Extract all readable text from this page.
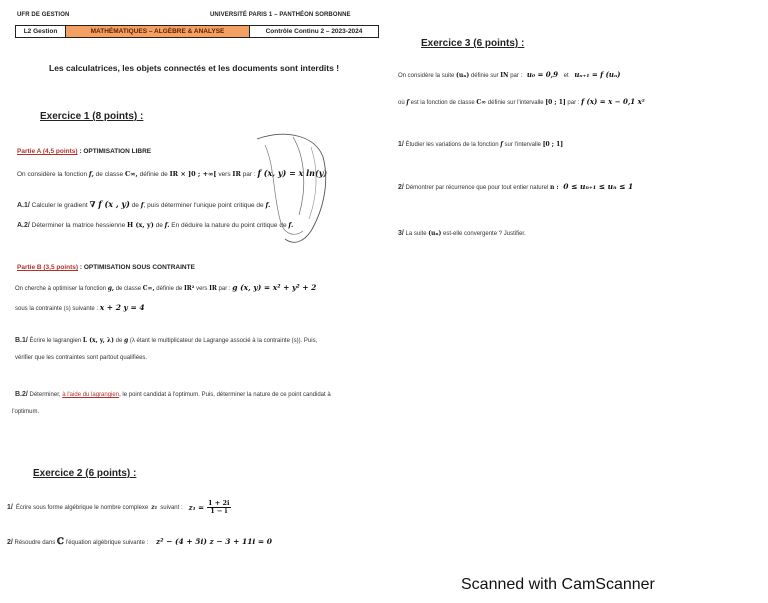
UFR DE GESTION	UNIVERSITÉ PARIS 1 – PANTHÉON SORBONNE
L2 Gestion	MATHÉMATIQUES – ALGÈBRE & ANALYSE	Contrôle Continu 2 – 2023-2024
Les calculatrices, les objets connectés et les documents sont interdits !
Exercice 1 (8 points) :
Partie A (4,5 points) : OPTIMISATION LIBRE
On considère la fonction f, de classe C∞, définie de IR × ]0 ; +∞[ vers IR par : f (x, y) = x ln(y)
A.1/ Calculer le gradient ∇ f (x , y) de f, puis déterminer l'unique point critique de f.
A.2/ Déterminer la matrice hessienne H (x, y) de f. En déduire la nature du point critique de f.
Partie B (3,5 points) : OPTIMISATION SOUS CONTRAINTE
On cherche à optimiser la fonction g, de classe C∞, définie de IR² vers IR par : g (x, y) = x² + y² + 2
sous la contrainte (s) suivante : x + 2 y = 4
B.1/ Écrire le lagrangien L (x, y, λ) de g (λ étant le multiplicateur de Lagrange associé à la contrainte (s)). Puis,
vérifier que les contraintes sont partout qualifiées.
B.2/ Déterminer, à l'aide du lagrangien, le point candidat à l'optimum. Puis, déterminer la nature de ce point candidat à
l'optimum.
Exercice 2 (6 points) :
1/ Écrire sous forme algébrique le nombre complexe z₁ suivant : $z_1 = \frac{1 + 2i}{1 - i}$
2/ Résoudre dans ℂ l'équation algébrique suivante : z² − (4 + 5i) z − 3 + 11i = 0
Exercice 3 (6 points) :
On considère la suite (uₙ) définie sur IN par : u₀ = 0,9 et uₙ₊₁ = f (uₙ)
où f est la fonction de classe C∞ définie sur l'intervalle [0 ; 1] par : f (x) = x − 0,1 x²
1/ Étudier les variations de la fonction f sur l'intervalle [0 ; 1]
2/ Démontrer par récurrence que pour tout entier naturel n : 0 ≤ uₙ₊₁ ≤ uₙ ≤ 1
3/ La suite (uₙ) est-elle convergente ? Justifier.
Scanned with CamScanner
